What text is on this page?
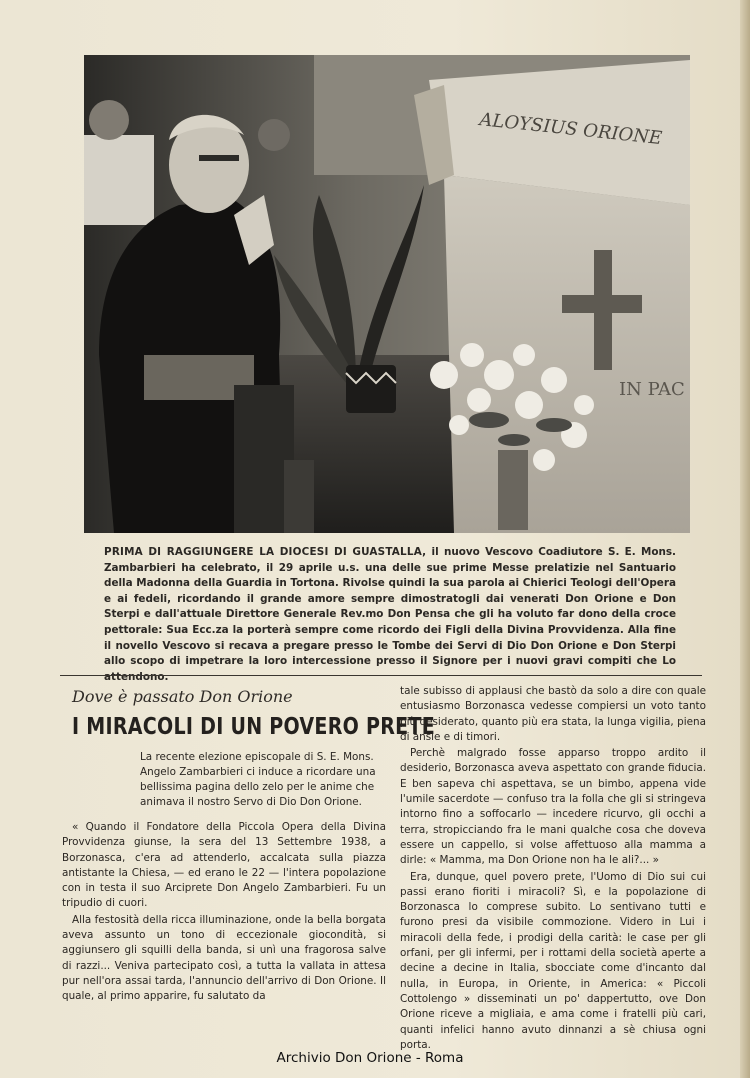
ALOYSIUS ORIONE
IN PAC
PRIMA DI RAGGIUNGERE LA DIOCESI DI GUASTALLA, il nuovo Vescovo Coadiutore S. E. Mons. Zambarbieri ha celebrato, il 29 aprile u.s. una delle sue prime Messe prelatizie nel Santuario della Madonna della Guardia in Tortona. Rivolse quindi la sua parola ai Chierici Teologi dell'Opera e ai fedeli, ricordando il grande amore sempre dimostratogli dai venerati Don Orione e Don Sterpi e dall'attuale Direttore Generale Rev.mo Don Pensa che gli ha voluto far dono della croce pettorale: Sua Ecc.za la porterà sempre come ricordo dei Figli della Divina Provvidenza. Alla fine il novello Vescovo si recava a pregare presso le Tombe dei Servi di Dio Don Orione e Don Sterpi allo scopo di impetrare la loro intercessione presso il Signore per i nuovi gravi compiti che Lo attendono.
Dove è passato Don Orione
I MIRACOLI DI UN POVERO PRETE
La recente elezione episcopale di S. E. Mons. Angelo Zambarbieri ci induce a ricordare una bellissima pagina dello zelo per le anime che animava il nostro Servo di Dio Don Orione.

« Quando il Fondatore della Piccola Opera della Divina Provvidenza giunse, la sera del 13 Settembre 1938, a Borzonasca, c'era ad attenderlo, accalcata sulla piazza antistante la Chiesa, — ed erano le 22 — l'intera popolazione con in testa il suo Arciprete Don Angelo Zambarbieri. Fu un tripudio di cuori.

Alla festosità della ricca illuminazione, onde la bella borgata aveva assunto un tono di eccezionale giocondità, si aggiunsero gli squilli della banda, si unì una fragorosa salve di razzi... Veniva partecipato così, a tutta la vallata in attesa pur nell'ora assai tarda, l'annuncio dell'arrivo di Don Orione. Il quale, al primo apparire, fu salutato da

tale subisso di applausi che bastò da solo a dire con quale entusiasmo Borzonasca vedesse compiersi un voto tanto più desiderato, quanto più era stata, la lunga vigilia, piena di ansie e di timori.

Perchè malgrado fosse apparso troppo ardito il desiderio, Borzonasca aveva aspettato con grande fiducia. E ben sapeva chi aspettava, se un bimbo, appena vide l'umile sacerdote — confuso tra la folla che gli si stringeva intorno fino a soffocarlo — incedere ricurvo, gli occhi a terra, stropicciando fra le mani qualche cosa che doveva essere un cappello, si volse affettuoso alla mamma a dirle: « Mamma, ma Don Orione non ha le ali?... »

Era, dunque, quel povero prete, l'Uomo di Dio sui cui passi erano fioriti i miracoli? Sì, e la popolazione di Borzonasca lo comprese subito. Lo sentivano tutti e furono presi da visibile commozione. Videro in Lui i miracoli della fede, i prodigi della carità: le case per gli orfani, per gli infermi, per i rottami della società aperte a decine a decine in Italia, sbocciate come d'incanto dal nulla, in Europa, in Oriente, in America: « Piccoli Cottolengo » disseminati un po' dappertutto, ove Don Orione riceve a migliaia, e ama come i fratelli più cari, quanti infelici hanno avuto dinnanzi a sè chiusa ogni porta.

Archivio Don Orione - Roma
